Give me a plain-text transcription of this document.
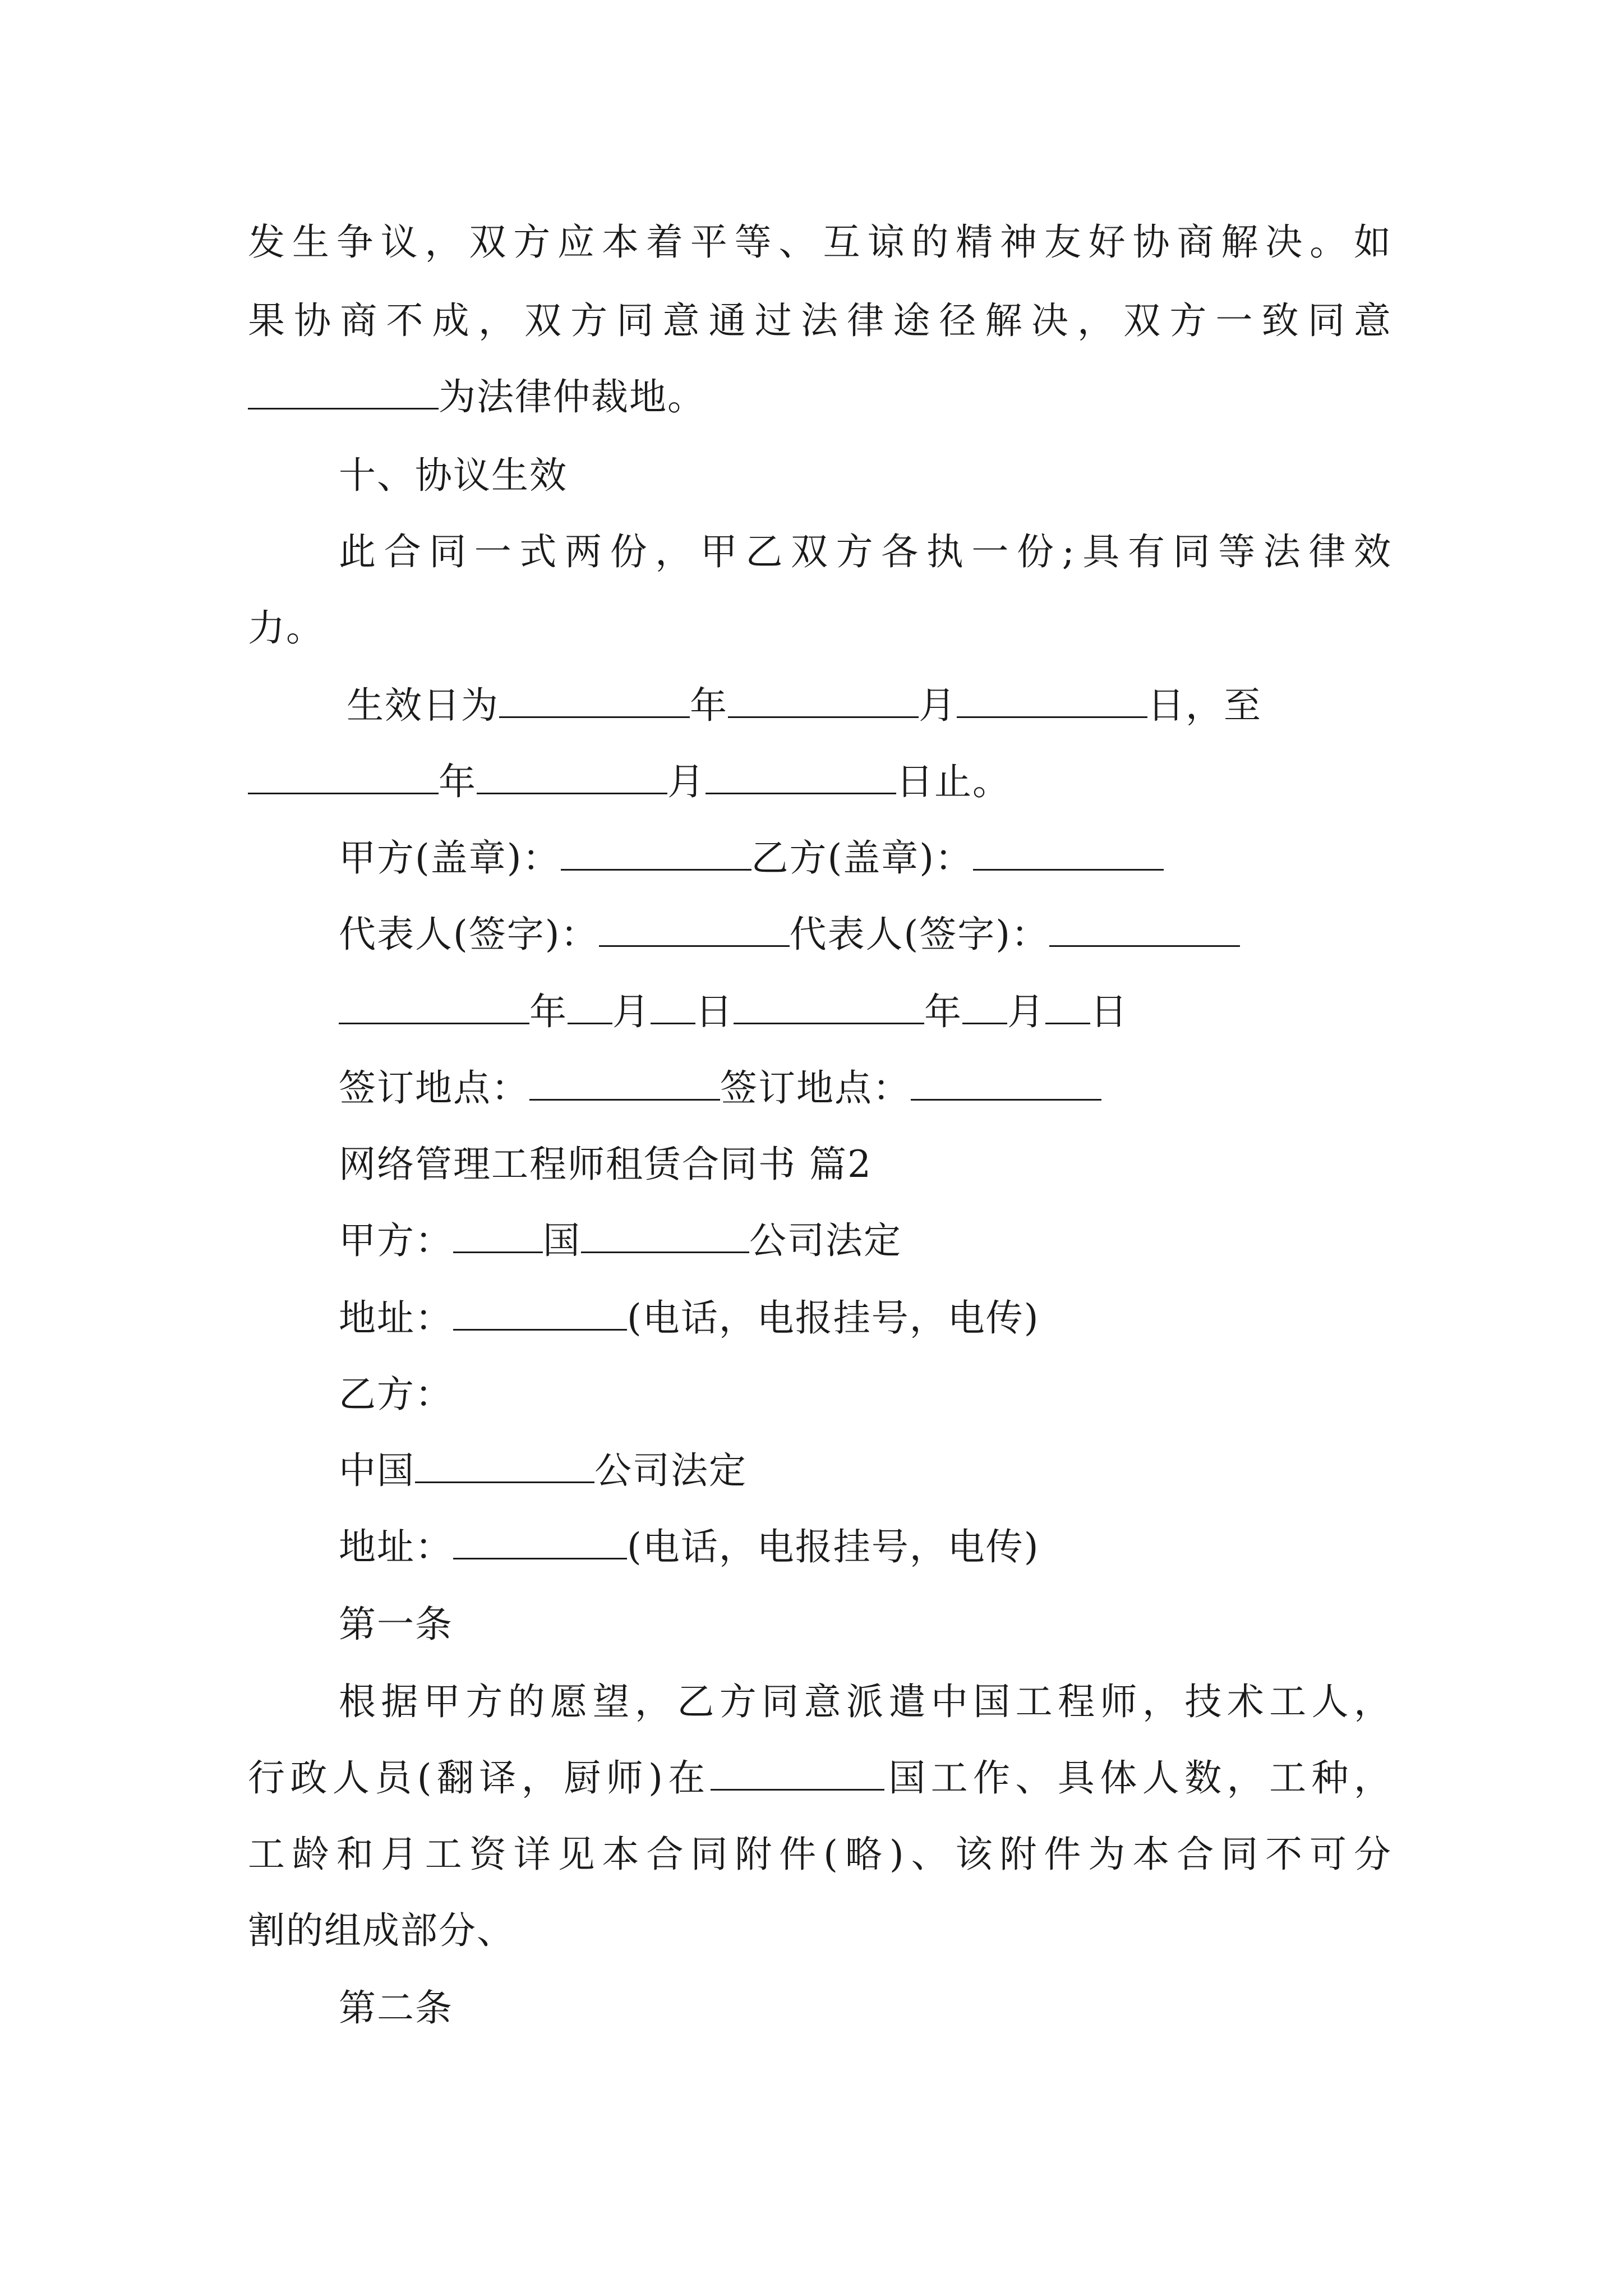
发生争议，双方应本着平等、互谅的精神友好协商解决。如
果协商不成，双方同意通过法律途径解决，双方一致同意
为法律仲裁地。
十、协议生效
此合同一式两份，甲乙双方各执一份;具有同等法律效
力。
生效日为	年	月	日，至
年	月	日止。
甲方(盖章)：	乙方(盖章)：
代表人(签字)：	代表人(签字)：
年 月 日	年 月 日
签订地点：	签订地点：
网络管理工程师租赁合同书 篇2
甲方： 国	公司法定
地址：	(电话，电报挂号，电传)
乙方：
中国	公司法定
地址：	(电话，电报挂号，电传)
第一条
根据甲方的愿望，乙方同意派遣中国工程师，技术工人，
行政人员(翻译，厨师)在	国工作、具体人数，工种，
工龄和月工资详见本合同附件(略)、该附件为本合同不可分
割的组成部分、
第二条
